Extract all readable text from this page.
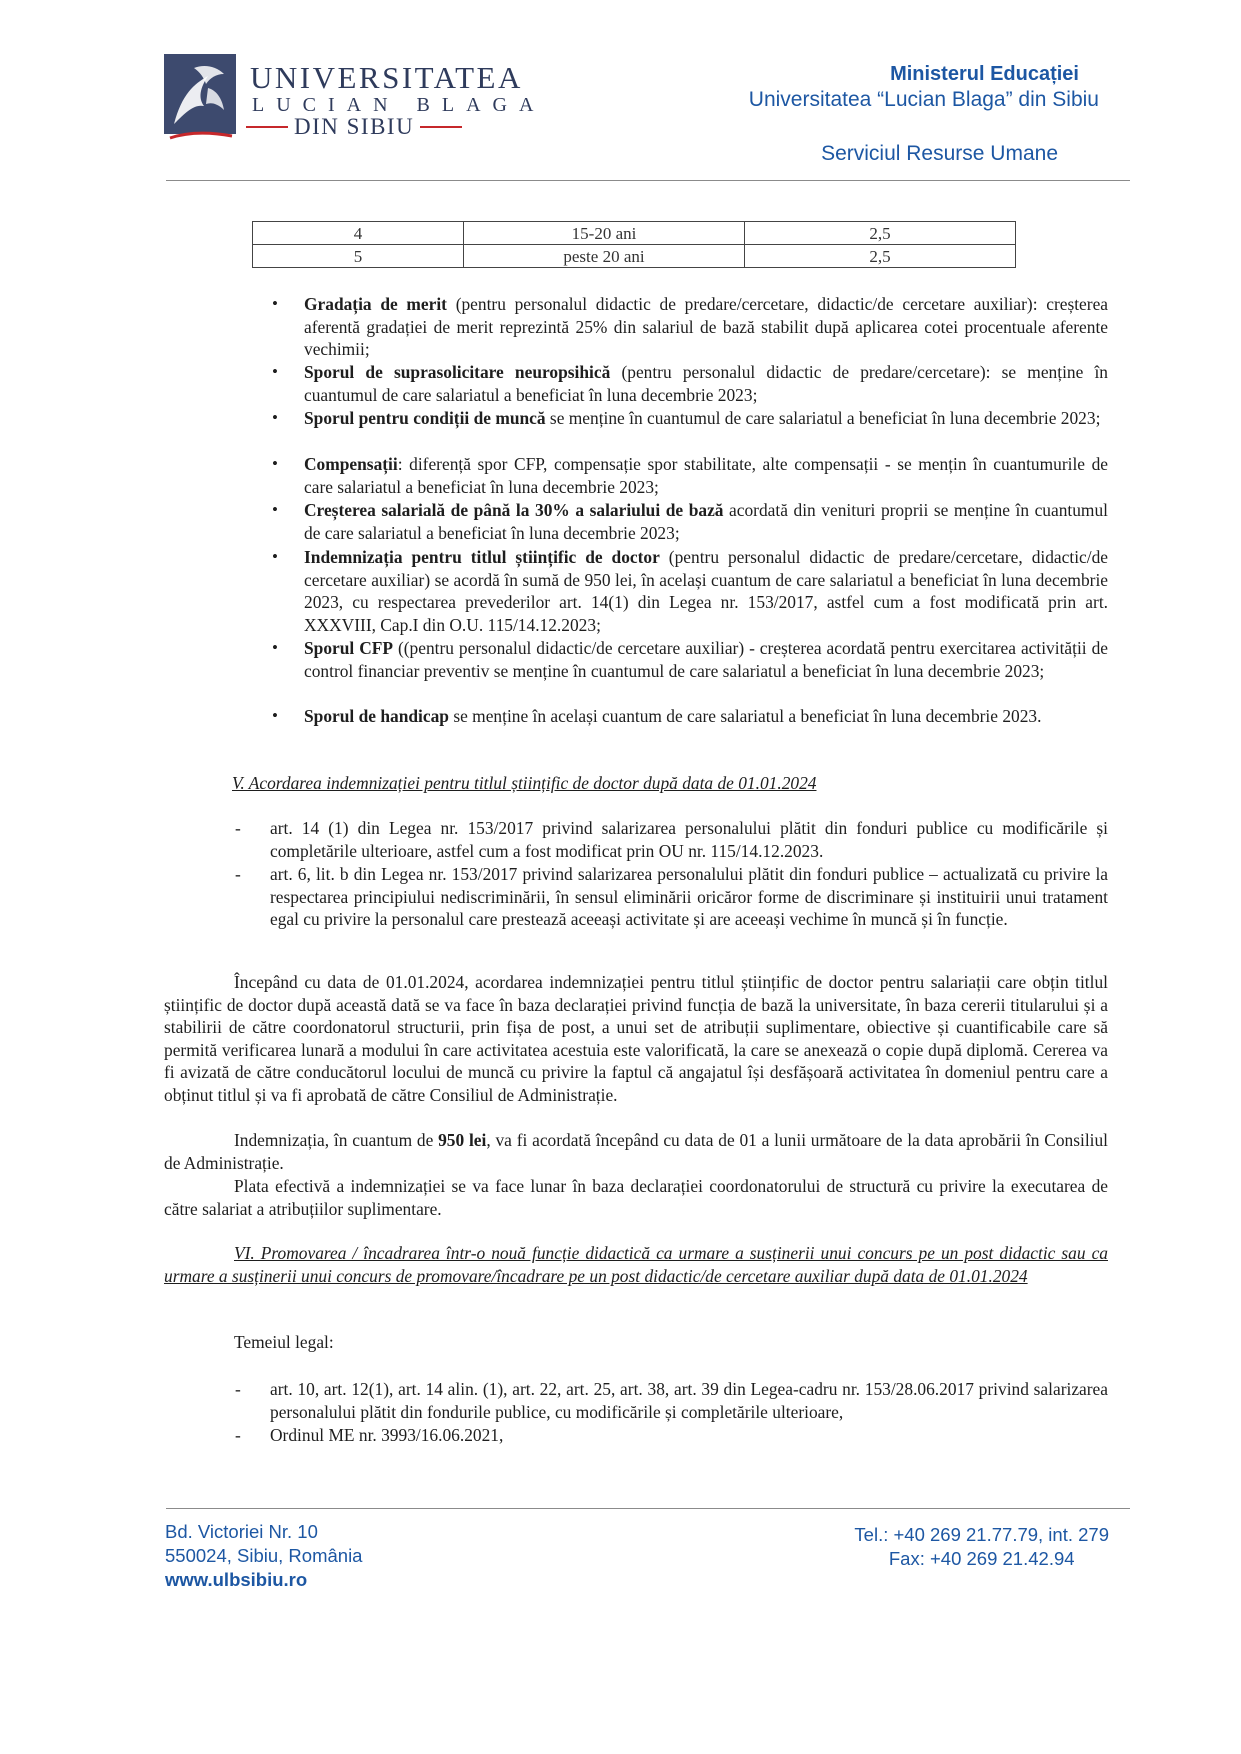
UNIVERSITATEA
LUCIAN BLAGA
DIN SIBIU
Ministerul Educației
Universitatea “Lucian Blaga” din Sibiu
Serviciul Resurse Umane
4	15-20 ani	2,5
5	peste 20 ani	2,5
• Gradația de merit (pentru personalul didactic de predare/cercetare, didactic/de cercetare auxiliar): creșterea aferentă gradației de merit reprezintă 25% din salariul de bază stabilit după aplicarea cotei procentuale aferente vechimii;
• Sporul de suprasolicitare neuropsihică (pentru personalul didactic de predare/cercetare): se menține în cuantumul de care salariatul a beneficiat în luna decembrie 2023;
• Sporul pentru condiții de muncă se menține în cuantumul de care salariatul a beneficiat în luna decembrie 2023;
• Compensații: diferență spor CFP, compensație spor stabilitate, alte compensații - se mențin în cuantumurile de care salariatul a beneficiat în luna decembrie 2023;
• Creșterea salarială de până la 30% a salariului de bază acordată din venituri proprii se menține în cuantumul de care salariatul a beneficiat în luna decembrie 2023;
• Indemnizația pentru titlul științific de doctor (pentru personalul didactic de predare/cercetare, didactic/de cercetare auxiliar) se acordă în sumă de 950 lei, în același cuantum de care salariatul a beneficiat în luna decembrie 2023, cu respectarea prevederilor art. 14(1) din Legea nr. 153/2017, astfel cum a fost modificată prin art. XXXVIII, Cap.I din O.U. 115/14.12.2023;
• Sporul CFP ((pentru personalul didactic/de cercetare auxiliar) - creșterea acordată pentru exercitarea activității de control financiar preventiv se menține în cuantumul de care salariatul a beneficiat în luna decembrie 2023;
• Sporul de handicap se menține în același cuantum de care salariatul a beneficiat în luna decembrie 2023.
V. Acordarea indemnizației pentru titlul științific de doctor după data de 01.01.2024
- art. 14 (1) din Legea nr. 153/2017 privind salarizarea personalului plătit din fonduri publice cu modificările și completările ulterioare, astfel cum a fost modificat prin OU nr. 115/14.12.2023.
- art. 6, lit. b din Legea nr. 153/2017 privind salarizarea personalului plătit din fonduri publice – actualizată cu privire la respectarea principiului nediscriminării, în sensul eliminării oricăror forme de discriminare și instituirii unui tratament egal cu privire la personalul care prestează aceeași activitate și are aceeași vechime în muncă și în funcție.
Începând cu data de 01.01.2024, acordarea indemnizației pentru titlul științific de doctor pentru salariații care obțin titlul științific de doctor după această dată se va face în baza declarației privind funcția de bază la universitate, în baza cererii titularului și a stabilirii de către coordonatorul structurii, prin fișa de post, a unui set de atribuții suplimentare, obiective și cuantificabile care să permită verificarea lunară a modului în care activitatea acestuia este valorificată, la care se anexează o copie după diplomă. Cererea va fi avizată de către conducătorul locului de muncă cu privire la faptul că angajatul își desfășoară activitatea în domeniul pentru care a obținut titlul și va fi aprobată de către Consiliul de Administrație.
Indemnizația, în cuantum de 950 lei, va fi acordată începând cu data de 01 a lunii următoare de la data aprobării în Consiliul de Administrație.
Plata efectivă a indemnizației se va face lunar în baza declarației coordonatorului de structură cu privire la executarea de către salariat a atribuțiilor suplimentare.
VI. Promovarea / încadrarea într-o nouă funcție didactică ca urmare a susținerii unui concurs pe un post didactic sau ca urmare a susținerii unui concurs de promovare/încadrare pe un post didactic/de cercetare auxiliar după data de 01.01.2024
Temeiul legal:
- art. 10, art. 12(1), art. 14 alin. (1), art. 22, art. 25, art. 38, art. 39 din Legea-cadru nr. 153/28.06.2017 privind salarizarea personalului plătit din fondurile publice, cu modificările și completările ulterioare,
- Ordinul ME nr. 3993/16.06.2021,
Bd. Victoriei Nr. 10
550024, Sibiu, România
www.ulbsibiu.ro
Tel.: +40 269 21.77.79, int. 279
Fax: +40 269 21.42.94
